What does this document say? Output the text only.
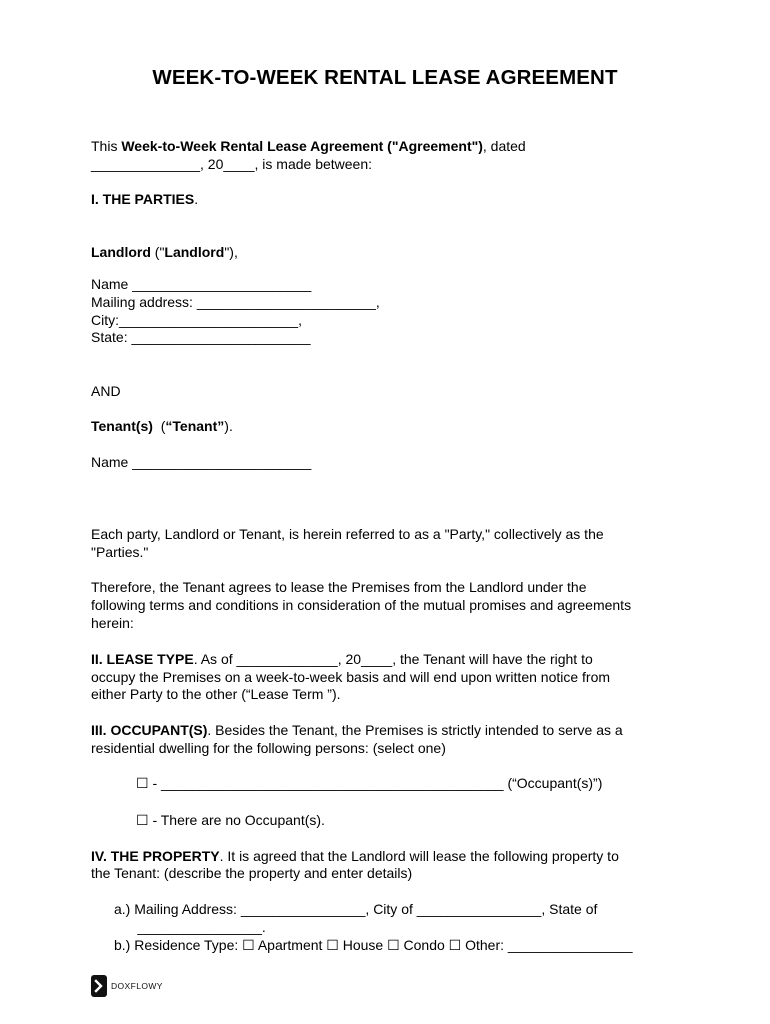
WEEK-TO-WEEK RENTAL LEASE AGREEMENT
This Week-to-Week Rental Lease Agreement ("Agreement"), dated
______________, 20____, is made between:
I. THE PARTIES.
Landlord ("Landlord"),
Name _______________________
Mailing address: _______________________,
City:_______________________,
State: _______________________
AND
Tenant(s)  (“Tenant”).
Name _______________________
Each party, Landlord or Tenant, is herein referred to as a "Party," collectively as the
"Parties."
Therefore, the Tenant agrees to lease the Premises from the Landlord under the
following terms and conditions in consideration of the mutual promises and agreements
herein:
II. LEASE TYPE. As of _____________, 20____, the Tenant will have the right to
occupy the Premises on a week-to-week basis and will end upon written notice from
either Party to the other (“Lease Term ”).
III. OCCUPANT(S). Besides the Tenant, the Premises is strictly intended to serve as a
residential dwelling for the following persons: (select one)
☐ - ____________________________________________ (“Occupant(s)”)
☐ - There are no Occupant(s).
IV. THE PROPERTY. It is agreed that the Landlord will lease the following property to
the Tenant: (describe the property and enter details)
a.) Mailing Address: ________________, City of ________________, State of
________________.
b.) Residence Type: ☐ Apartment ☐ House ☐ Condo ☐ Other: ________________
DOXFLOWY
